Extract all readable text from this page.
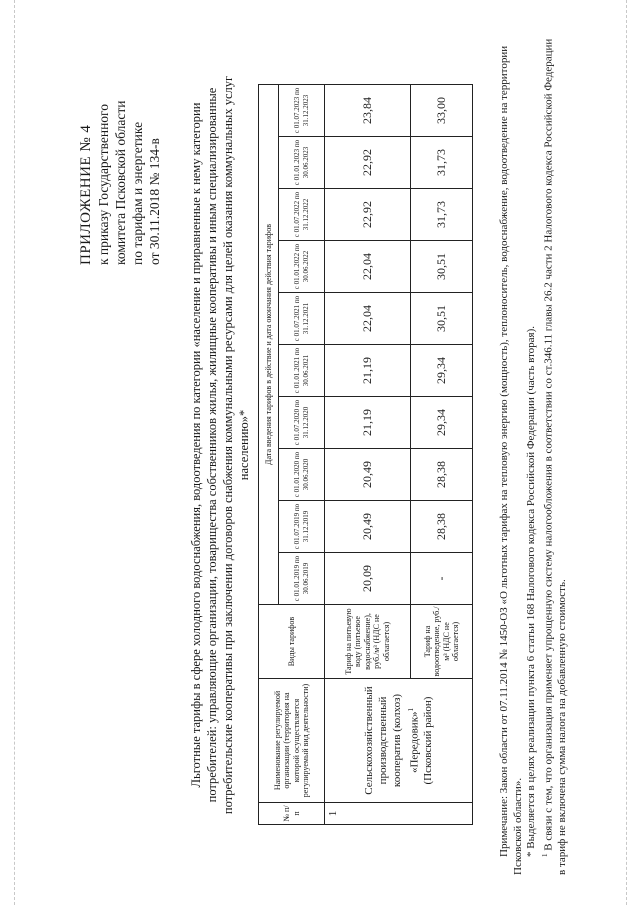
ПРИЛОЖЕНИЕ № 4 к приказу Государственного комитета Псковской области по тарифам и энергетике от 30.11.2018 № 134-в Льготные тарифы в сфере холодного водоснабжения, водоотведения по категории «население и приравненные к нему категории потребителей: управляющие организации, товарищества собственников жилья, жилищные кооперативы и иным специализированные потребительские кооперативы при заключении договоров снабжения коммунальными ресурсами для целей оказания коммунальных услуг населению»*
№ п/п	Наименование регулируемой организации (территория на которой осуществляется регулируемый вид деятельности)	Виды тарифов	Дата введения тарифов в действие и дата окончания действия тарифов									
			с 01.01.2019 по 30.06.2019	с 01.07.2019 по 31.12.2019	с 01.01.2020 по 30.06.2020	с 01.07.2020 по 31.12.2020	с 01.01.2021 по 30.06.2021	с 01.07.2021 по 31.12.2021	с 01.01.2022 по 30.06.2022	с 01.07.2022 по 31.12.2022	с 01.01.2023 по 30.06.2023	с 01.07.2023 по 31.12.2023
1	Сельскохозяйственный производственный кооператив (колхоз) «Передовик»$^1$ (Псковский район)	Тариф на питьевую воду (питьевое водоснабжение), руб./м³ (НДС не облагается)	20,09	20,49	20,49	21,19	21,19	22,04	22,04	22,92	22,92	23,84
		Тариф на водоотведение, руб./м³ (НДС не облагается)	-	28,38	28,38	29,34	29,34	30,51	30,51	31,73	31,73	33,00	Примечание: Закон области от 07.11.2014 № 1450-ОЗ «О льготных тарифах на тепловую энергию (мощность), теплоноситель, водоснабжение, водоотведение на территории Псковской области». * Выделяется в целях реализации пункта 6 статьи 168 Налогового кодекса Российской Федерации (часть вторая). $^1$ В связи с тем, что организация применяет упрощенную систему налогообложения в соответствии со ст.346.11 главы 26.2 части 2 Налогового кодекса Российской Федерации в тариф не включена сумма налога на добавленную стоимость.
